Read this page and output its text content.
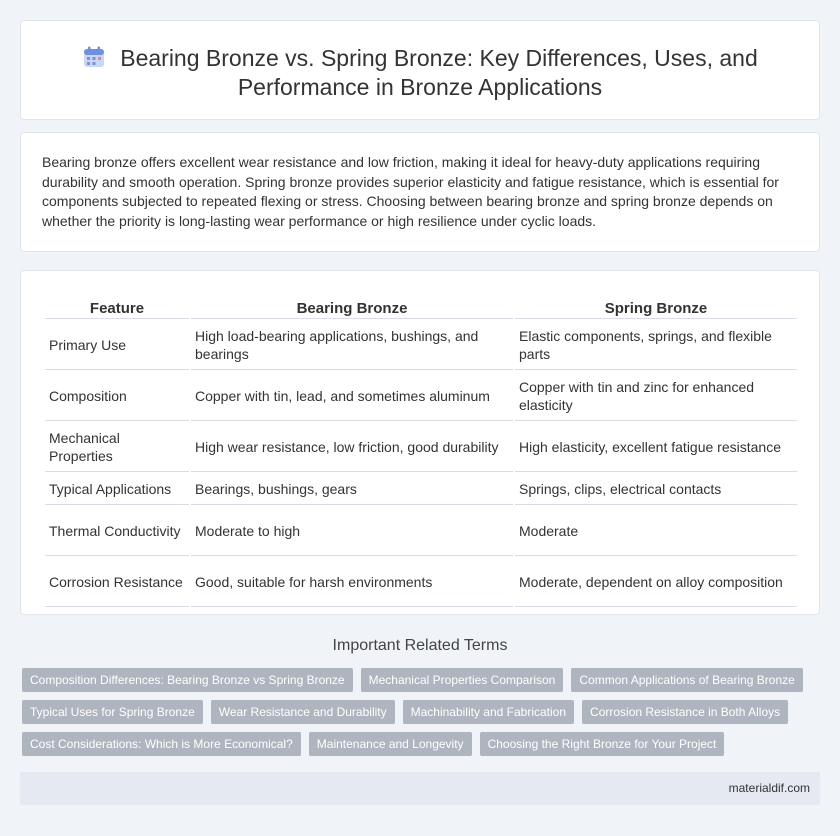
Bearing Bronze vs. Spring Bronze: Key Differences, Uses, and Performance in Bronze Applications

Bearing bronze offers excellent wear resistance and low friction, making it ideal for heavy-duty applications requiring durability and smooth operation. Spring bronze provides superior elasticity and fatigue resistance, which is essential for components subjected to repeated flexing or stress. Choosing between bearing bronze and spring bronze depends on whether the priority is long-lasting wear performance or high resilience under cyclic loads.

Feature	Bearing Bronze	Spring Bronze
Primary Use	High load-bearing applications, bushings, and bearings	Elastic components, springs, and flexible parts
Composition	Copper with tin, lead, and sometimes aluminum	Copper with tin and zinc for enhanced elasticity
Mechanical Properties	High wear resistance, low friction, good durability	High elasticity, excellent fatigue resistance
Typical Applications	Bearings, bushings, gears	Springs, clips, electrical contacts
Thermal Conductivity	Moderate to high	Moderate
Corrosion Resistance	Good, suitable for harsh environments	Moderate, dependent on alloy composition
Important Related Terms
Composition Differences: Bearing Bronze vs Spring Bronze	Mechanical Properties Comparison	Common Applications of Bearing Bronze
Typical Uses for Spring Bronze	Wear Resistance and Durability	Machinability and Fabrication	Corrosion Resistance in Both Alloys
Cost Considerations: Which is More Economical?	Maintenance and Longevity	Choosing the Right Bronze for Your Project
materialdif.com
